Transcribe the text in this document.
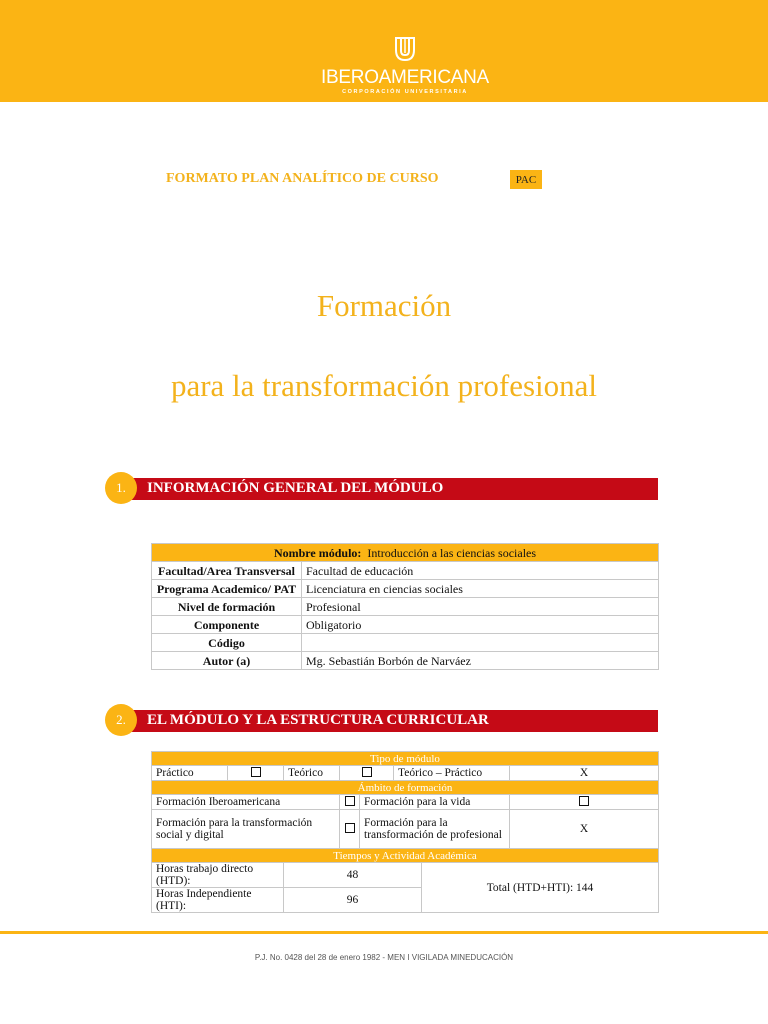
IBEROAMERICANA
CORPORACIÓN UNIVERSITARIA
FORMATO PLAN ANALÍTICO DE CURSO	PAC
Formación
para la transformación profesional
1.	INFORMACIÓN GENERAL DEL MÓDULO
Nombre módulo: Introducción a las ciencias sociales	
Facultad/Area Transversal	Facultad de educación
Programa Academico/ PAT	Licenciatura en ciencias sociales
Nivel de formación	Profesional
Componente	Obligatorio
Código	
Autor (a)	Mg. Sebastián Borbón de Narváez
2.	EL MÓDULO Y LA ESTRUCTURA CURRICULAR
Tipo de módulo							
Práctico		Teórico			Teórico – Práctico		X
Ámbito de formación							
Formación Iberoamericana				Formación para la vida			
Formación para la transformación social y digital				Formación para la transformación de profesional			X
Tiempos y Actividad Académica							
Horas trabajo directo (HTD):		48				Total (HTD+HTI): 144	
Horas Independiente (HTI):		96					
P.J. No. 0428 del 28 de enero 1982 - MEN I VIGILADA MINEDUCACIÓN
